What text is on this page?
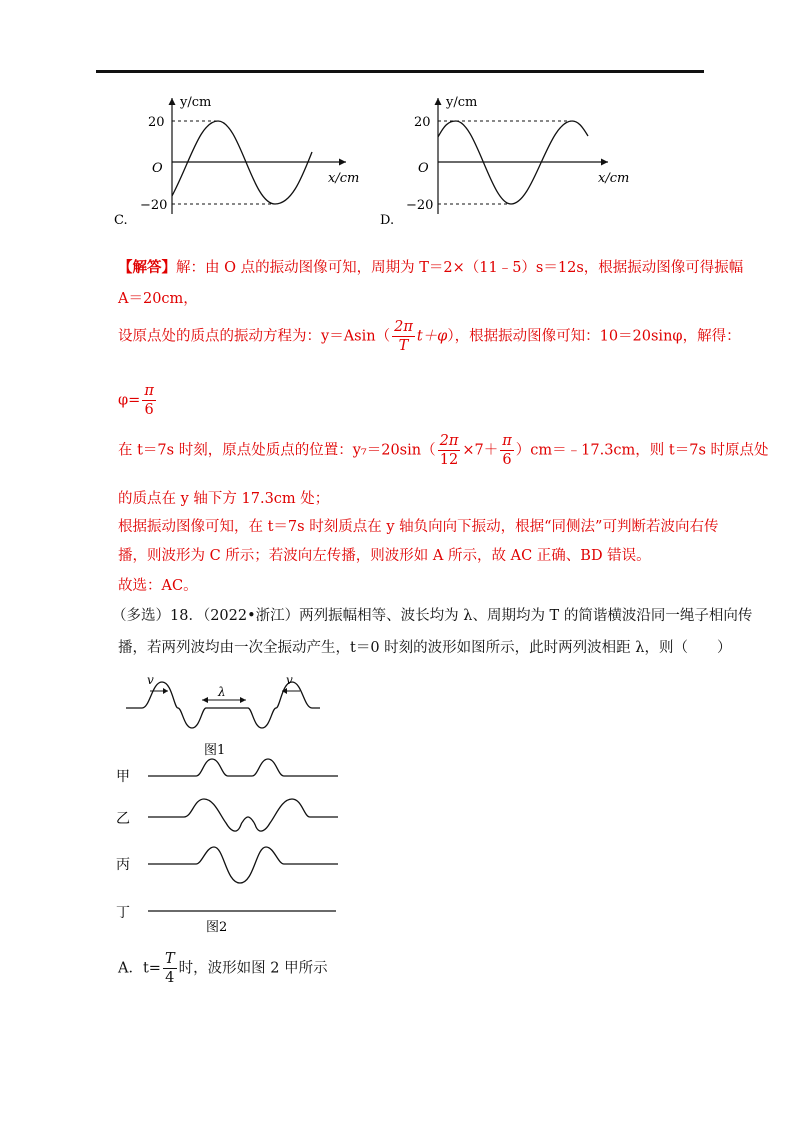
y/cm
x/cm
O
20
−20
C.
y/cm
x/cm
O
20
−20
D.
【解答】解：由 O 点的振动图像可知，周期为 T＝2×（11﹣5）s＝12s，根据振动图像可得振幅
A＝20cm，
设原点处的质点的振动方程为：$y=Asin( \frac{2\pi}{T} t+\varphi)$，根据振动图像可知：10＝20sinφ，解得：
$\varphi= \frac{\pi}{6}$
在 t＝7s 时刻，原点处质点的位置：$y_7=20\sin( \frac{2\pi}{12} \times 7+ \frac{\pi}{6}$ ）cm＝﹣17.3cm，则 t＝7s 时原点处
的质点在 y 轴下方 17.3cm 处；
根据振动图像可知，在 t＝7s 时刻质点在 y 轴负向向下振动，根据“同侧法”可判断若波向右传
播，则波形为 C 所示；若波向左传播，则波形如 A 所示，故 AC 正确、BD 错误。
故选：AC。
（多选）18．（2022•浙江）两列振幅相等、波长均为 λ、周期均为 T 的简谐横波沿同一绳子相向传
播，若两列波均由一次全振动产生，t＝0 时刻的波形如图所示，此时两列波相距 λ，则（　　）
v	v
λ
图1
甲
乙
丙
丁
图2
A．$t= \frac{T}{4}$ 时，波形如图 2 甲所示
